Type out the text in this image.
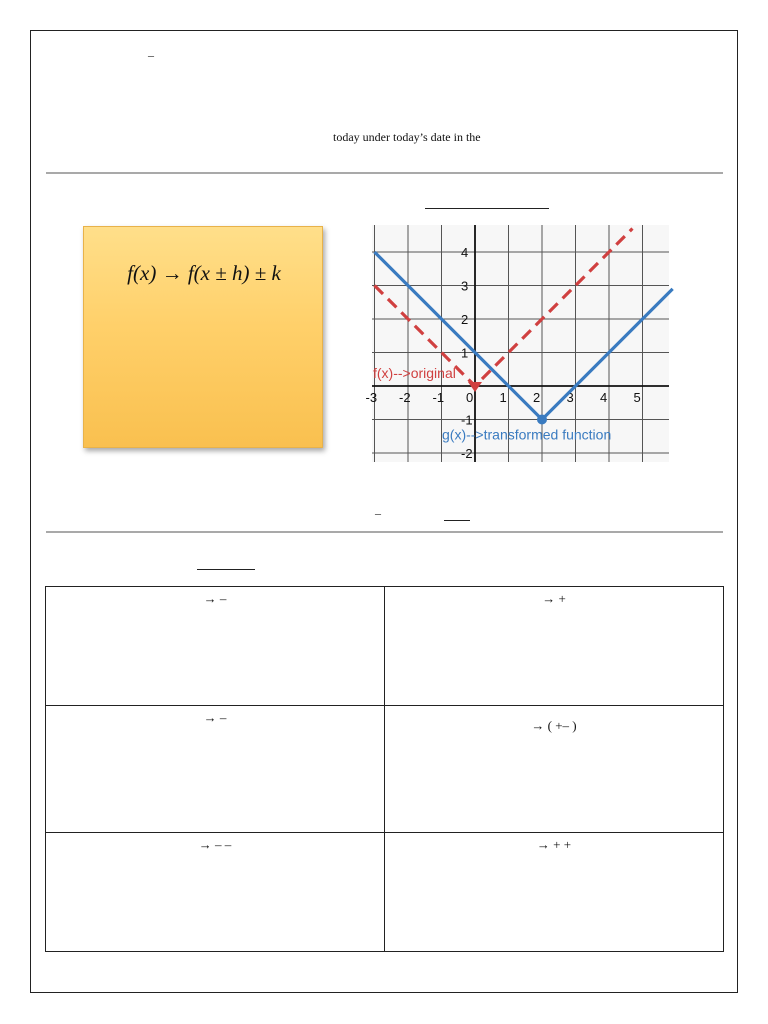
–
today under today’s date in the
f(x) → f(x ± h) ± k
-3 -2 -1 0 1 2 3 4 5
4
3
2
1
-1
-2
f(x)-->original
g(x)-->transformed function
–
→ –	→ +
→ –	→ ( +– )
→ – –	→ + +
